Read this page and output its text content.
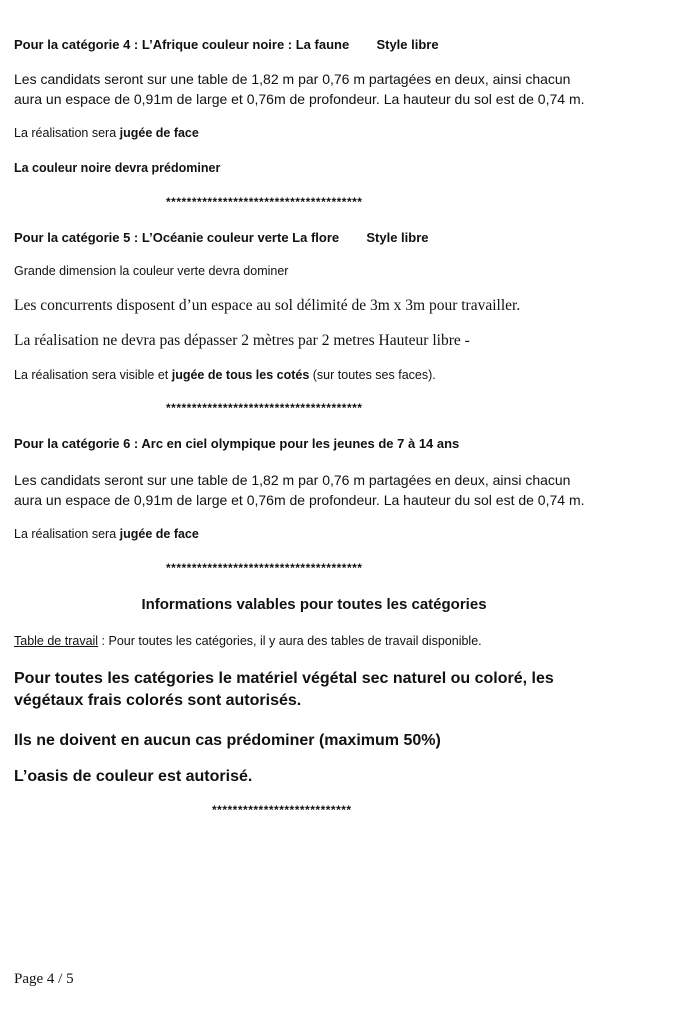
Pour la catégorie 4 : L’Afrique couleur noire : La faune Style libre
Les candidats seront sur une table de 1,82 m par 0,76 m partagées en deux, ainsi chacun
aura un espace de 0,91m de large et 0,76m de profondeur. La hauteur du sol est de 0,74 m.
La réalisation sera jugée de face
La couleur noire devra prédominer
**************************************
Pour la catégorie 5 : L’Océanie couleur verte La flore Style libre
Grande dimension la couleur verte devra dominer
Les concurrents disposent d’un espace au sol délimité de 3m x 3m pour travailler.
La réalisation ne devra pas dépasser 2 mètres par 2 metres Hauteur libre -
La réalisation sera visible et jugée de tous les cotés (sur toutes ses faces).
**************************************
Pour la catégorie 6 : Arc en ciel olympique pour les jeunes de 7 à 14 ans
Les candidats seront sur une table de 1,82 m par 0,76 m partagées en deux, ainsi chacun
aura un espace de 0,91m de large et 0,76m de profondeur. La hauteur du sol est de 0,74 m.
La réalisation sera jugée de face
**************************************
Informations valables pour toutes les catégories
Table de travail : Pour toutes les catégories, il y aura des tables de travail disponible.
Pour toutes les catégories le matériel végétal sec naturel ou coloré, les
végétaux frais colorés sont autorisés.
Ils ne doivent en aucun cas prédominer (maximum 50%)
L’oasis de couleur est autorisé.
***************************
Page 4 / 5
